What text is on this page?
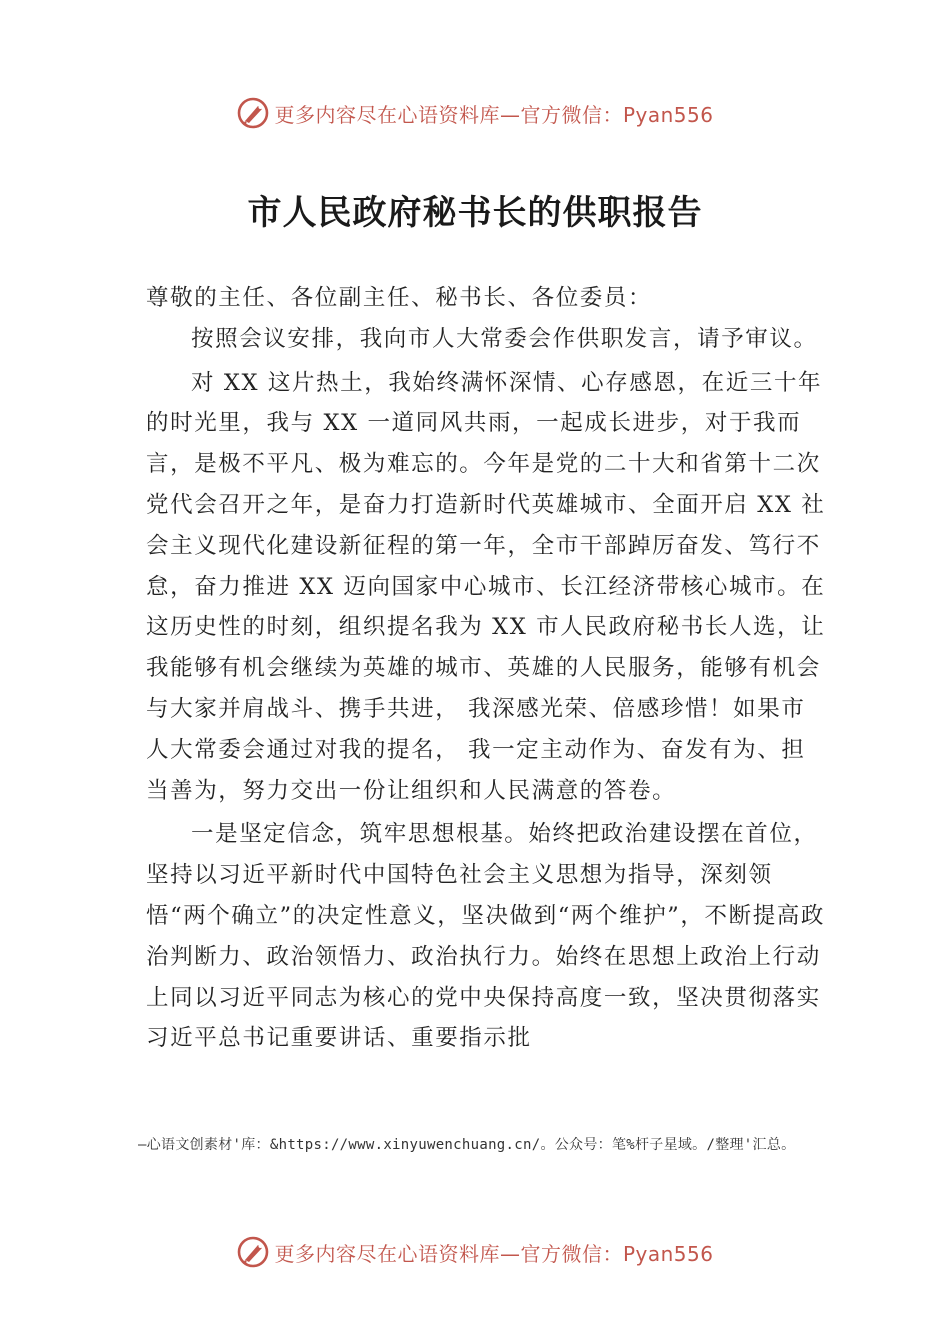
更多内容尽在心语资料库—官方微信：Pyan556
市人民政府秘书长的供职报告

尊敬的主任、各位副主任、秘书长、各位委员：

按照会议安排，我向市人大常委会作供职发言，请予审议。

对 XX 这片热土，我始终满怀深情、心存感恩，在近三十年的时光里，我与 XX 一道同风共雨，一起成长进步，对于我而言，是极不平凡、极为难忘的。今年是党的二十大和省第十二次党代会召开之年，是奋力打造新时代英雄城市、全面开启 XX 社会主义现代化建设新征程的第一年，全市干部踔厉奋发、笃行不怠，奋力推进 XX 迈向国家中心城市、长江经济带核心城市。在这历史性的时刻，组织提名我为 XX 市人民政府秘书长人选，让我能够有机会继续为英雄的城市、英雄的人民服务，能够有机会与大家并肩战斗、携手共进， 我深感光荣、倍感珍惜！如果市人大常委会通过对我的提名， 我一定主动作为、奋发有为、担当善为，努力交出一份让组织和人民满意的答卷。

一是坚定信念，筑牢思想根基。始终把政治建设摆在首位，坚持以习近平新时代中国特色社会主义思想为指导，深刻领悟“两个确立”的决定性意义，坚决做到“两个维护”，不断提高政治判断力、政治领悟力、政治执行力。始终在思想上政治上行动上同以习近平同志为核心的党中央保持高度一致，坚决贯彻落实习近平总书记重要讲话、重要指示批

—心语文创素材'库：&https://www.xinyuwenchuang.cn/。公众号：笔%杆子星域。/整理'汇总。
更多内容尽在心语资料库—官方微信：Pyan556
